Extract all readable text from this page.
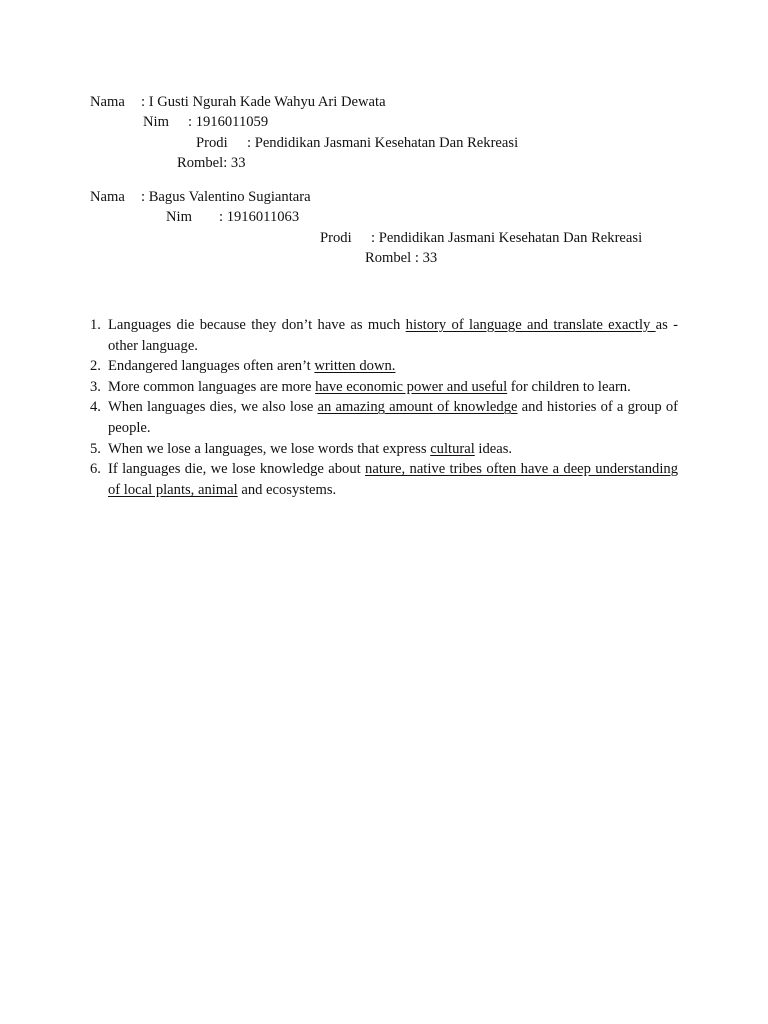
Nama : I Gusti Ngurah Kade Wahyu Ari Dewata
Nim : 1916011059
Prodi : Pendidikan Jasmani Kesehatan Dan Rekreasi
Rombel: 33
Nama : Bagus Valentino Sugiantara
Nim : 1916011063
Prodi : Pendidikan Jasmani Kesehatan Dan Rekreasi
Rombel : 33
1. Languages die because they don’t have as much history of language and translate exactly as - other language.
2. Endangered languages often aren’t written down.
3. More common languages are more have economic power and useful for children to learn.
4. When languages dies, we also lose an amazing amount of knowledge and histories of a group of people.
5. When we lose a languages, we lose words that express cultural ideas.
6. If languages die, we lose knowledge about nature, native tribes often have a deep understanding of local plants, animal and ecosystems.
